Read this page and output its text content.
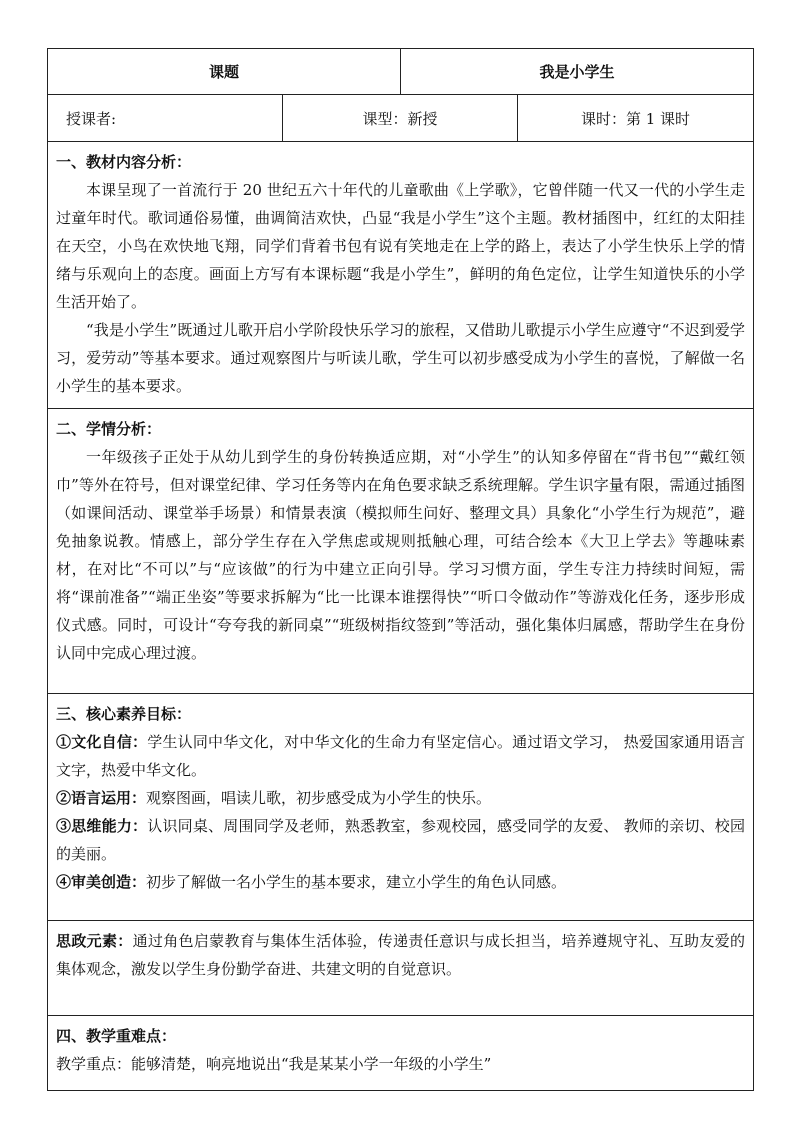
课题		我是小学生	
授课者:	课型：新授		课时：第 1 课时

一、教材内容分析：

本课呈现了一首流行于 20 世纪五六十年代的儿童歌曲《上学歌》，它曾伴随一代又一代的小学生走过童年时代。歌词通俗易懂，曲调简洁欢快，凸显“我是小学生”这个主题。教材插图中，红红的太阳挂在天空，小鸟在欢快地飞翔，同学们背着书包有说有笑地走在上学的路上，表达了小学生快乐上学的情绪与乐观向上的态度。画面上方写有本课标题“我是小学生”，鲜明的角色定位，让学生知道快乐的小学生活开始了。

“我是小学生”既通过儿歌开启小学阶段快乐学习的旅程，又借助儿歌提示小学生应遵守“不迟到爱学习，爱劳动”等基本要求。通过观察图片与听读儿歌，学生可以初步感受成为小学生的喜悦，了解做一名小学生的基本要求。			

二、学情分析：

一年级孩子正处于从幼儿到学生的身份转换适应期，对“小学生”的认知多停留在“背书包”“戴红领巾”等外在符号，但对课堂纪律、学习任务等内在角色要求缺乏系统理解。学生识字量有限，需通过插图（如课间活动、课堂举手场景）和情景表演（模拟师生问好、整理文具）具象化“小学生行为规范”，避免抽象说教。情感上，部分学生存在入学焦虑或规则抵触心理，可结合绘本《大卫上学去》等趣味素材，在对比“不可以”与“应该做”的行为中建立正向引导。学习习惯方面，学生专注力持续时间短，需将“课前准备”“端正坐姿”等要求拆解为“比一比课本谁摆得快”“听口令做动作”等游戏化任务，逐步形成仪式感。同时，可设计“夸夸我的新同桌”“班级树指纹签到”等活动，强化集体归属感，帮助学生在身份认同中完成心理过渡。			

三、核心素养目标：

①文化自信：学生认同中华文化，对中华文化的生命力有坚定信心。通过语文学习， 热爱国家通用语言文字，热爱中华文化。

②语言运用：观察图画，唱读儿歌，初步感受成为小学生的快乐。

③思维能力：认识同桌、周围同学及老师，熟悉教室，参观校园，感受同学的友爱、 教师的亲切、校园的美丽。

④审美创造：初步了解做一名小学生的基本要求，建立小学生的角色认同感。			

思政元素：通过角色启蒙教育与集体生活体验，传递责任意识与成长担当，培养遵规守礼、互助友爱的集体观念，激发以学生身份勤学奋进、共建文明的自觉意识。			

四、教学重难点：

教学重点：能够清楚，响亮地说出“我是某某小学一年级的小学生”			
